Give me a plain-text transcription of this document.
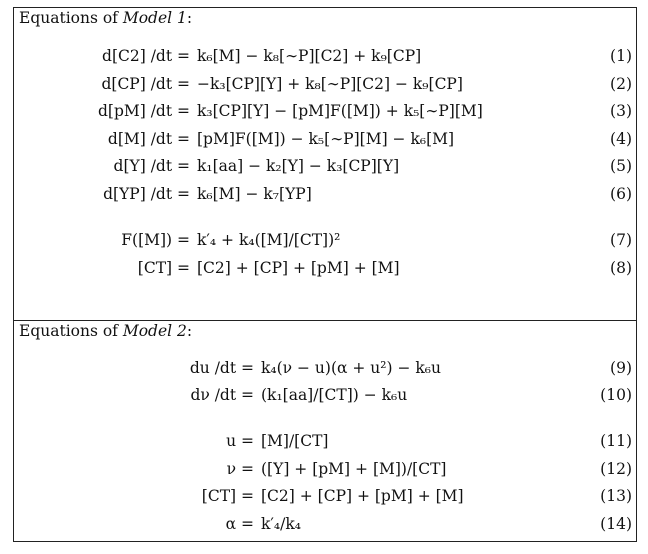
Equations of Model 1:
d[C2] /dt = k₆[M] − k₈[∼P][C2] + k₉[CP]	(1)
d[CP] /dt = −k₃[CP][Y] + k₈[∼P][C2] − k₉[CP]	(2)
d[pM] /dt = k₃[CP][Y] − [pM]F([M]) + k₅[∼P][M]	(3)
d[M] /dt = [pM]F([M]) − k₅[∼P][M] − k₆[M]	(4)
d[Y] /dt = k₁[aa] − k₂[Y] − k₃[CP][Y]	(5)
d[YP] /dt = k₆[M] − k₇[YP]	(6)
F([M]) = k′₄ + k₄([M]/[CT])²	(7)
[CT] = [C2] + [CP] + [pM] + [M]	(8)
Equations of Model 2:
du /dt = k₄(ν − u)(α + u²) − k₆u	(9)
dν /dt = (k₁[aa]/[CT]) − k₆u	(10)
u = [M]/[CT]	(11)
ν = ([Y] + [pM] + [M])/[CT]	(12)
[CT] = [C2] + [CP] + [pM] + [M]	(13)
α = k′₄/k₄	(14)
